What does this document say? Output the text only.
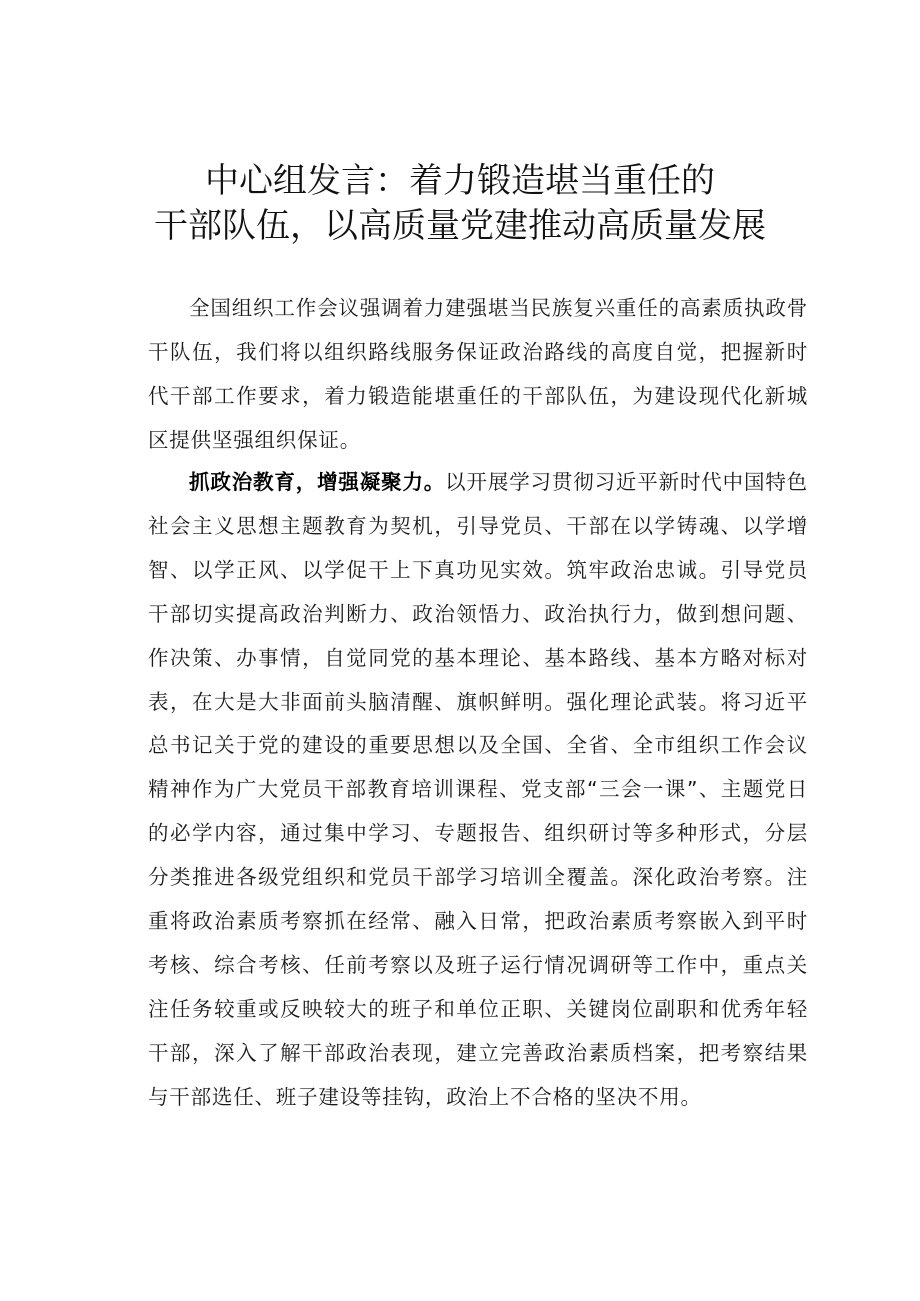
中心组发言：着力锻造堪当重任的
干部队伍，以高质量党建推动高质量发展

全国组织工作会议强调着力建强堪当民族复兴重任的高素质执政骨干队伍，我们将以组织路线服务保证政治路线的高度自觉，把握新时代干部工作要求，着力锻造能堪重任的干部队伍，为建设现代化新城区提供坚强组织保证。

抓政治教育，增强凝聚力。以开展学习贯彻习近平新时代中国特色社会主义思想主题教育为契机，引导党员、干部在以学铸魂、以学增智、以学正风、以学促干上下真功见实效。筑牢政治忠诚。引导党员干部切实提高政治判断力、政治领悟力、政治执行力，做到想问题、作决策、办事情，自觉同党的基本理论、基本路线、基本方略对标对表，在大是大非面前头脑清醒、旗帜鲜明。强化理论武装。将习近平总书记关于党的建设的重要思想以及全国、全省、全市组织工作会议精神作为广大党员干部教育培训课程、党支部“三会一课”、主题党日的必学内容，通过集中学习、专题报告、组织研讨等多种形式，分层分类推进各级党组织和党员干部学习培训全覆盖。深化政治考察。注重将政治素质考察抓在经常、融入日常，把政治素质考察嵌入到平时考核、综合考核、任前考察以及班子运行情况调研等工作中，重点关注任务较重或反映较大的班子和单位正职、关键岗位副职和优秀年轻干部，深入了解干部政治表现，建立完善政治素质档案，把考察结果与干部选任、班子建设等挂钩，政治上不合格的坚决不用。
